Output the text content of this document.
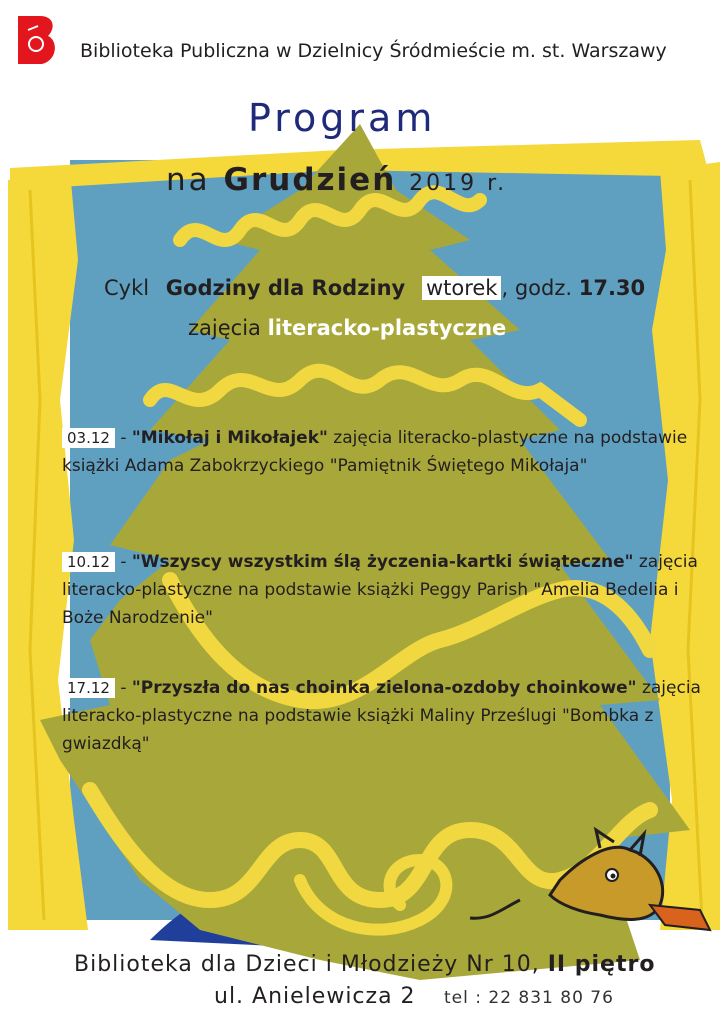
Biblioteka Publiczna w Dzielnicy Śródmieście m. st. Warszawy
Program
na Grudzień 2019 r.
Cykl Godziny dla Rodziny wtorek , godz. 17.30
zajęcia literacko-plastyczne
03.12 - "Mikołaj i Mikołajek" zajęcia literacko-plastyczne na podstawie książki Adama Zabokrzyckiego "Pamiętnik Świętego Mikołaja"
10.12 - "Wszyscy wszystkim ślą życzenia-kartki świąteczne" zajęcia literacko-plastyczne na podstawie książki Peggy Parish "Amelia Bedelia i Boże Narodzenie"
17.12 - "Przyszła do nas choinka zielona-ozdoby choinkowe" zajęcia literacko-plastyczne na podstawie książki Maliny Prześlugi "Bombka z gwiazdką"
Biblioteka dla Dzieci i Młodzieży Nr 10, II piętro
ul. Anielewicza 2 tel : 22 831 80 76
